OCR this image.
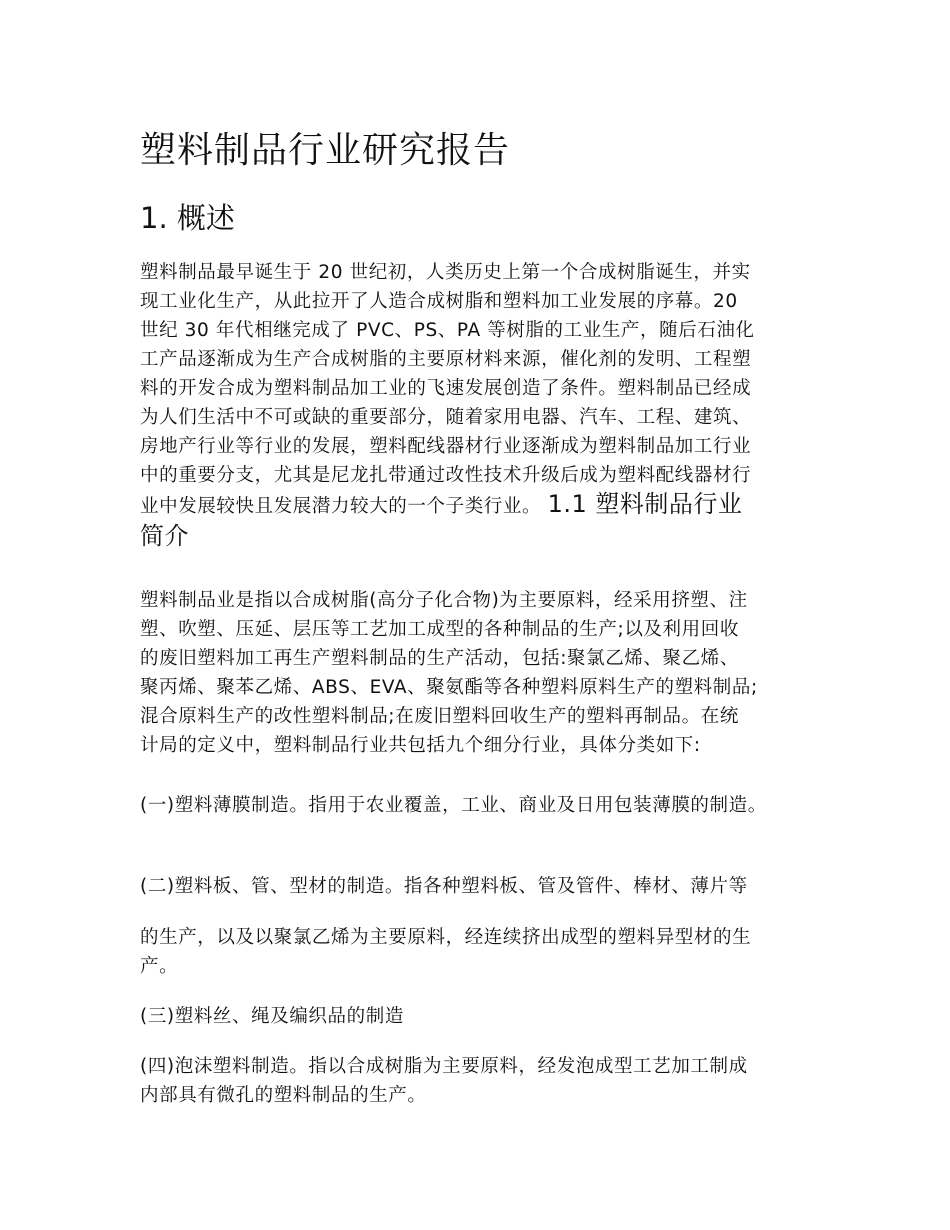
塑料制品行业研究报告
1. 概述
塑料制品最早诞生于 20 世纪初，人类历史上第一个合成树脂诞生，并实
现工业化生产，从此拉开了人造合成树脂和塑料加工业发展的序幕。20
世纪 30 年代相继完成了 PVC、PS、PA 等树脂的工业生产，随后石油化
工产品逐渐成为生产合成树脂的主要原材料来源，催化剂的发明、工程塑
料的开发合成为塑料制品加工业的飞速发展创造了条件。塑料制品已经成
为人们生活中不可或缺的重要部分，随着家用电器、汽车、工程、建筑、
房地产行业等行业的发展，塑料配线器材行业逐渐成为塑料制品加工行业
中的重要分支，尤其是尼龙扎带通过改性技术升级后成为塑料配线器材行
业中发展较快且发展潜力较大的一个子类行业。 1.1 塑料制品行业
简介
塑料制品业是指以合成树脂(高分子化合物)为主要原料，经采用挤塑、注
塑、吹塑、压延、层压等工艺加工成型的各种制品的生产;以及利用回收
的废旧塑料加工再生产塑料制品的生产活动，包括:聚氯乙烯、聚乙烯、
聚丙烯、聚苯乙烯、ABS、EVA、聚氨酯等各种塑料原料生产的塑料制品;
混合原料生产的改性塑料制品;在废旧塑料回收生产的塑料再制品。在统
计局的定义中，塑料制品行业共包括九个细分行业，具体分类如下:

(一)塑料薄膜制造。指用于农业覆盖，工业、商业及日用包装薄膜的制造。

(二)塑料板、管、型材的制造。指各种塑料板、管及管件、棒材、薄片等

的生产，以及以聚氯乙烯为主要原料，经连续挤出成型的塑料异型材的生

产。

(三)塑料丝、绳及编织品的制造

(四)泡沫塑料制造。指以合成树脂为主要原料，经发泡成型工艺加工制成

内部具有微孔的塑料制品的生产。
